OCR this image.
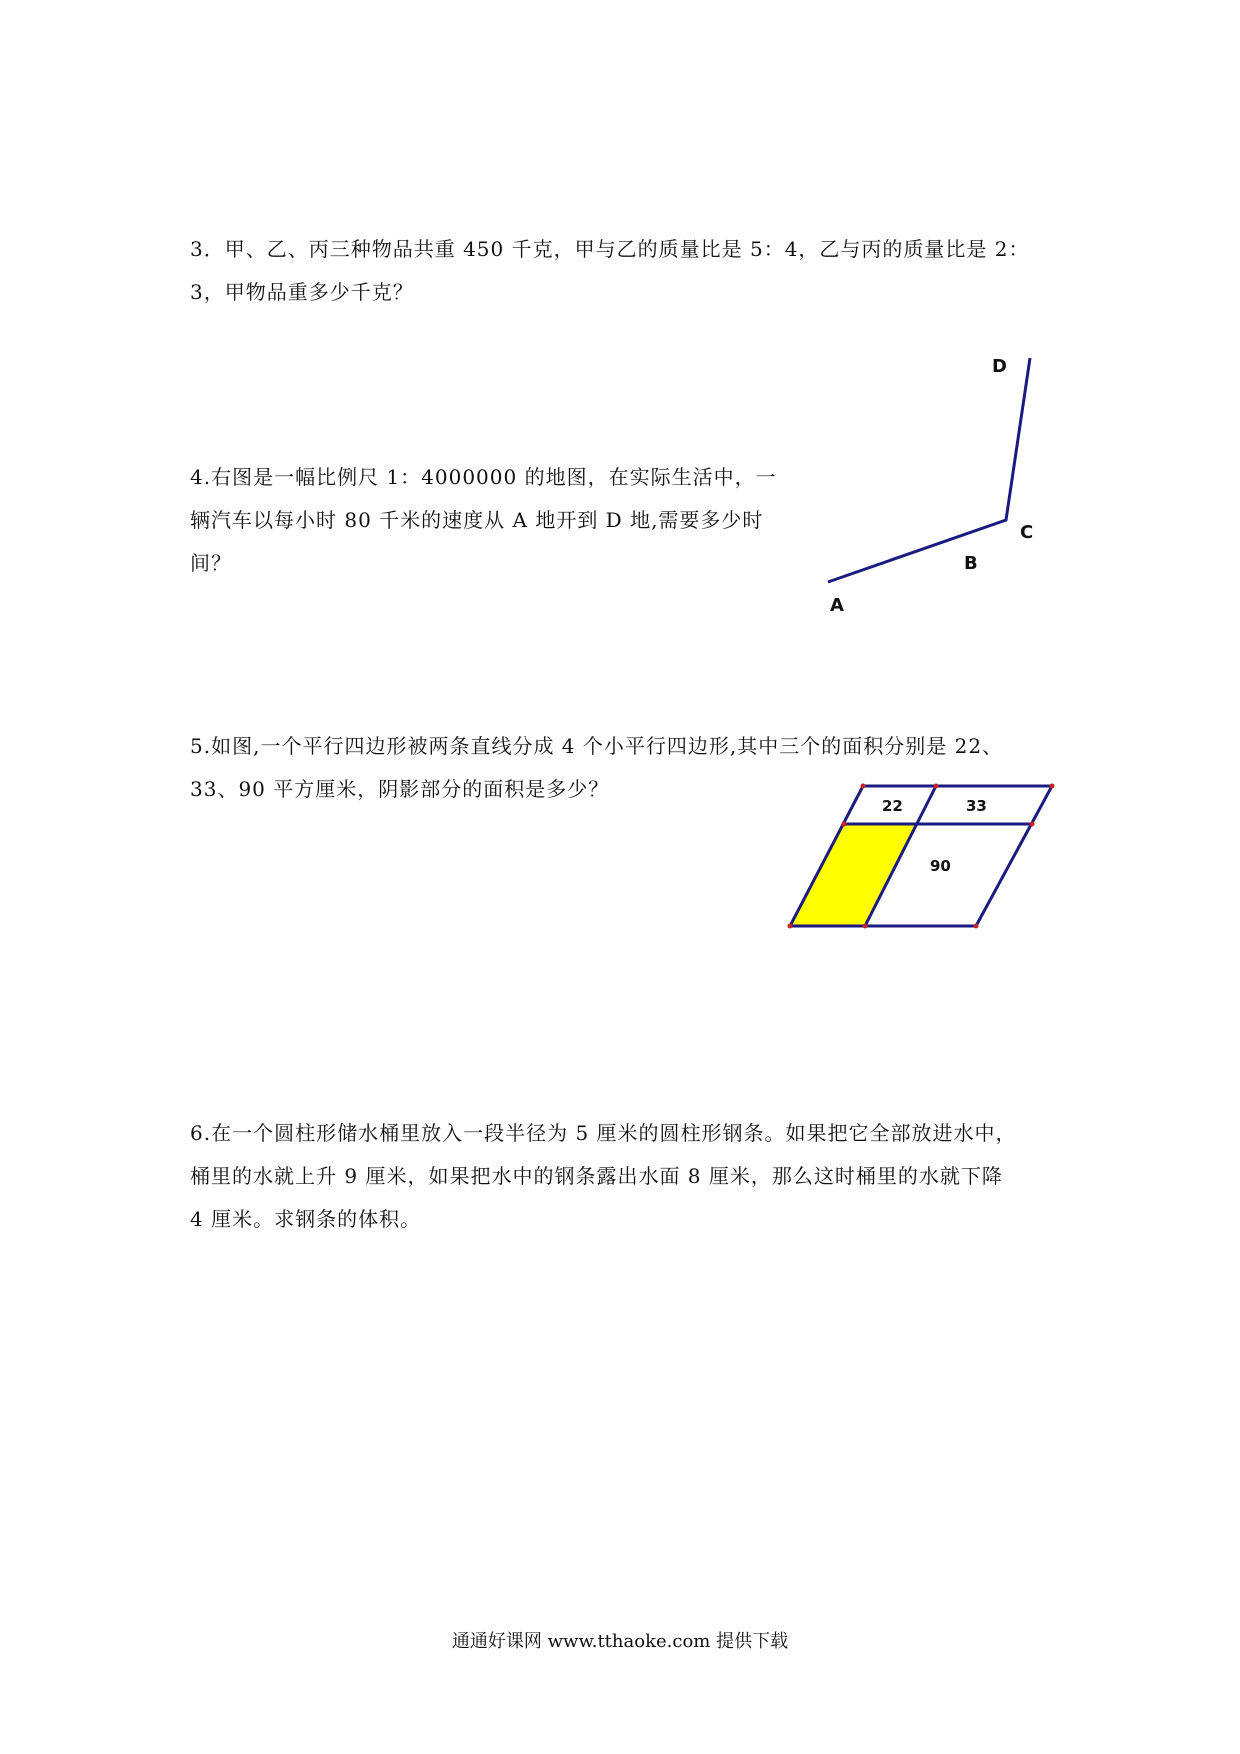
3．甲、乙、丙三种物品共重 450 千克，甲与乙的质量比是 5：4，乙与丙的质量比是 2：
3，甲物品重多少千克？
4.右图是一幅比例尺 1：4000000 的地图，在实际生活中，一
辆汽车以每小时 80 千米的速度从 A 地开到 D 地,需要多少时
间？
D
C
B
A
5.如图,一个平行四边形被两条直线分成 4 个小平行四边形,其中三个的面积分别是 22、
33、90 平方厘米，阴影部分的面积是多少？
22	33
90
6.在一个圆柱形储水桶里放入一段半径为 5 厘米的圆柱形钢条。如果把它全部放进水中，
桶里的水就上升 9 厘米，如果把水中的钢条露出水面 8 厘米，那么这时桶里的水就下降
4 厘米。求钢条的体积。
通通好课网 www.tthaoke.com 提供下载
